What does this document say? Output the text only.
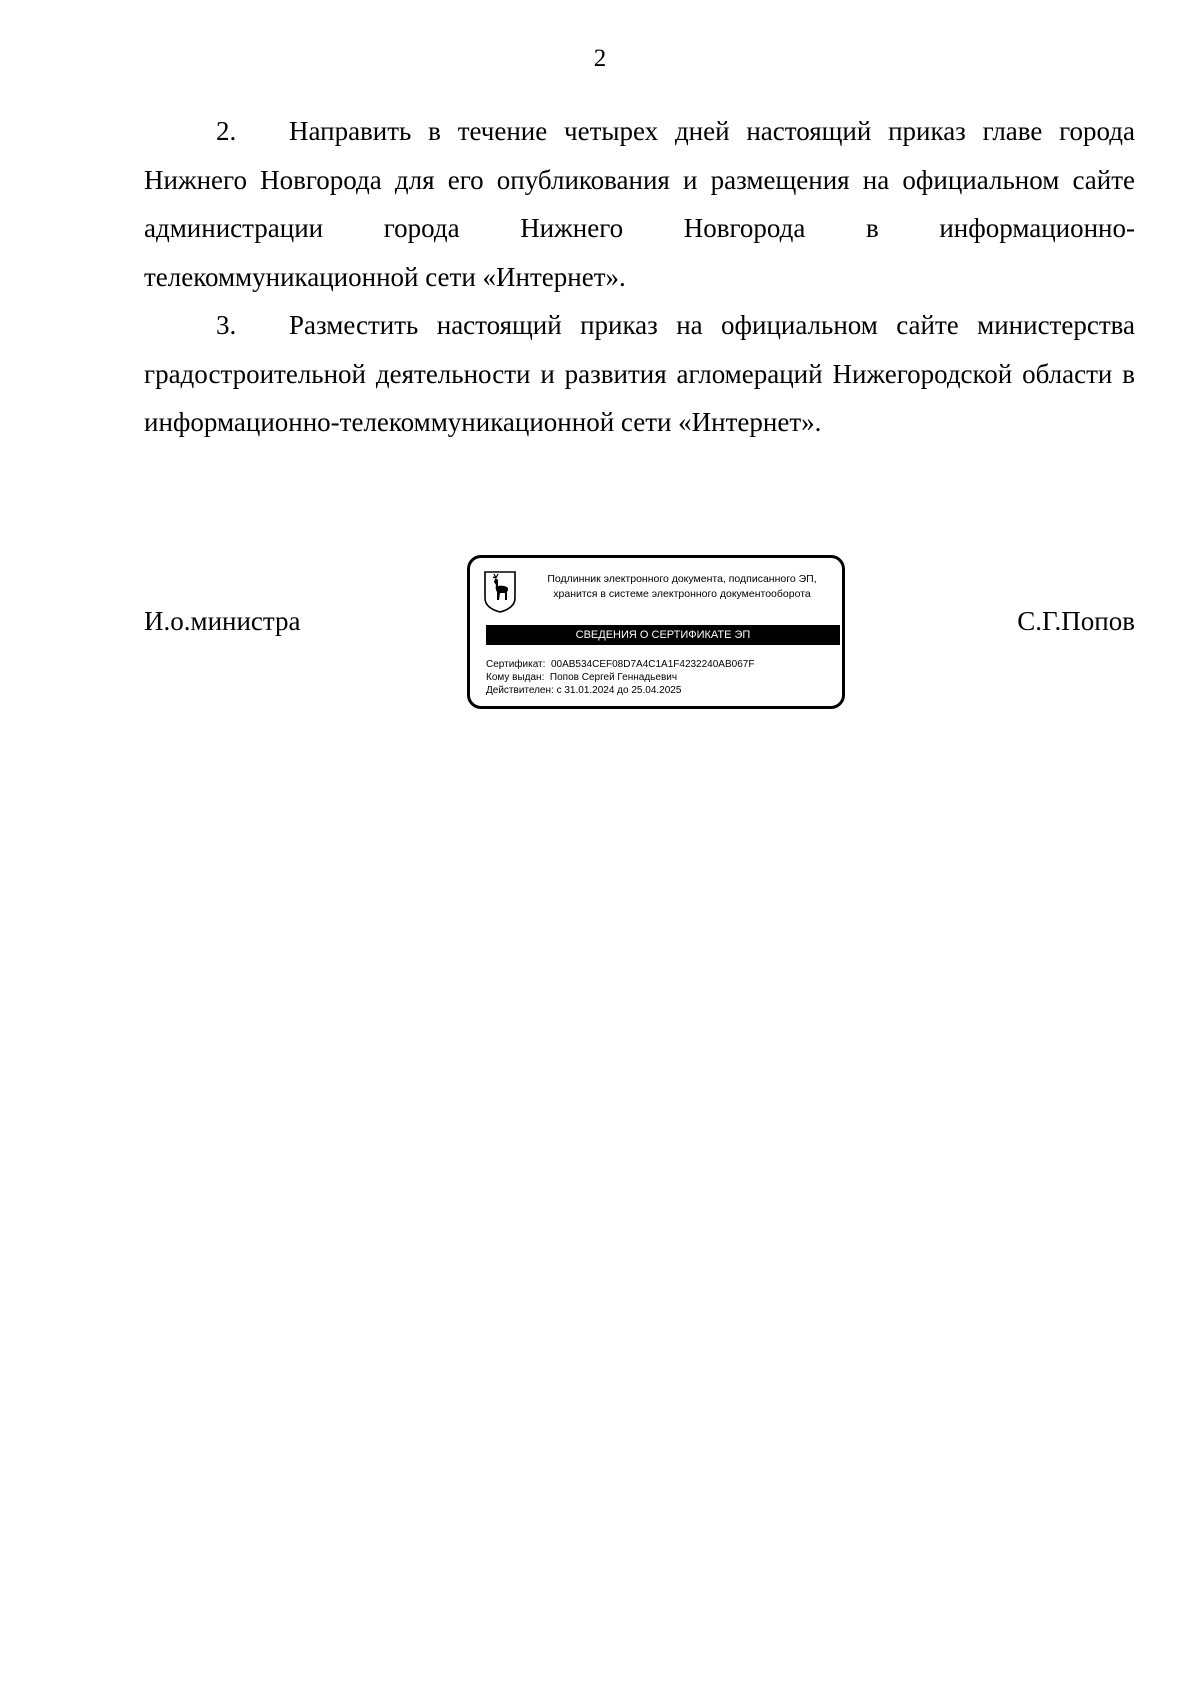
2

2. Направить в течение четырех дней настоящий приказ главе города Нижнего Новгорода для его опубликования и размещения на официальном сайте администрации города Нижнего Новгорода в информационно-телекоммуникационной сети «Интернет».

3. Разместить настоящий приказ на официальном сайте министерства градостроительной деятельности и развития агломераций Нижегородской области в информационно-телекоммуникационной сети «Интернет».

И.о.министра	С.Г.Попов
Подлинник электронного документа, подписанного ЭП,
хранится в системе электронного документооборота
СВЕДЕНИЯ О СЕРТИФИКАТЕ ЭП
Сертификат: 00AB534CEF08D7A4C1A1F4232240AB067F
Кому выдан: Попов Сергей Геннадьевич
Действителен: с 31.01.2024 до 25.04.2025
